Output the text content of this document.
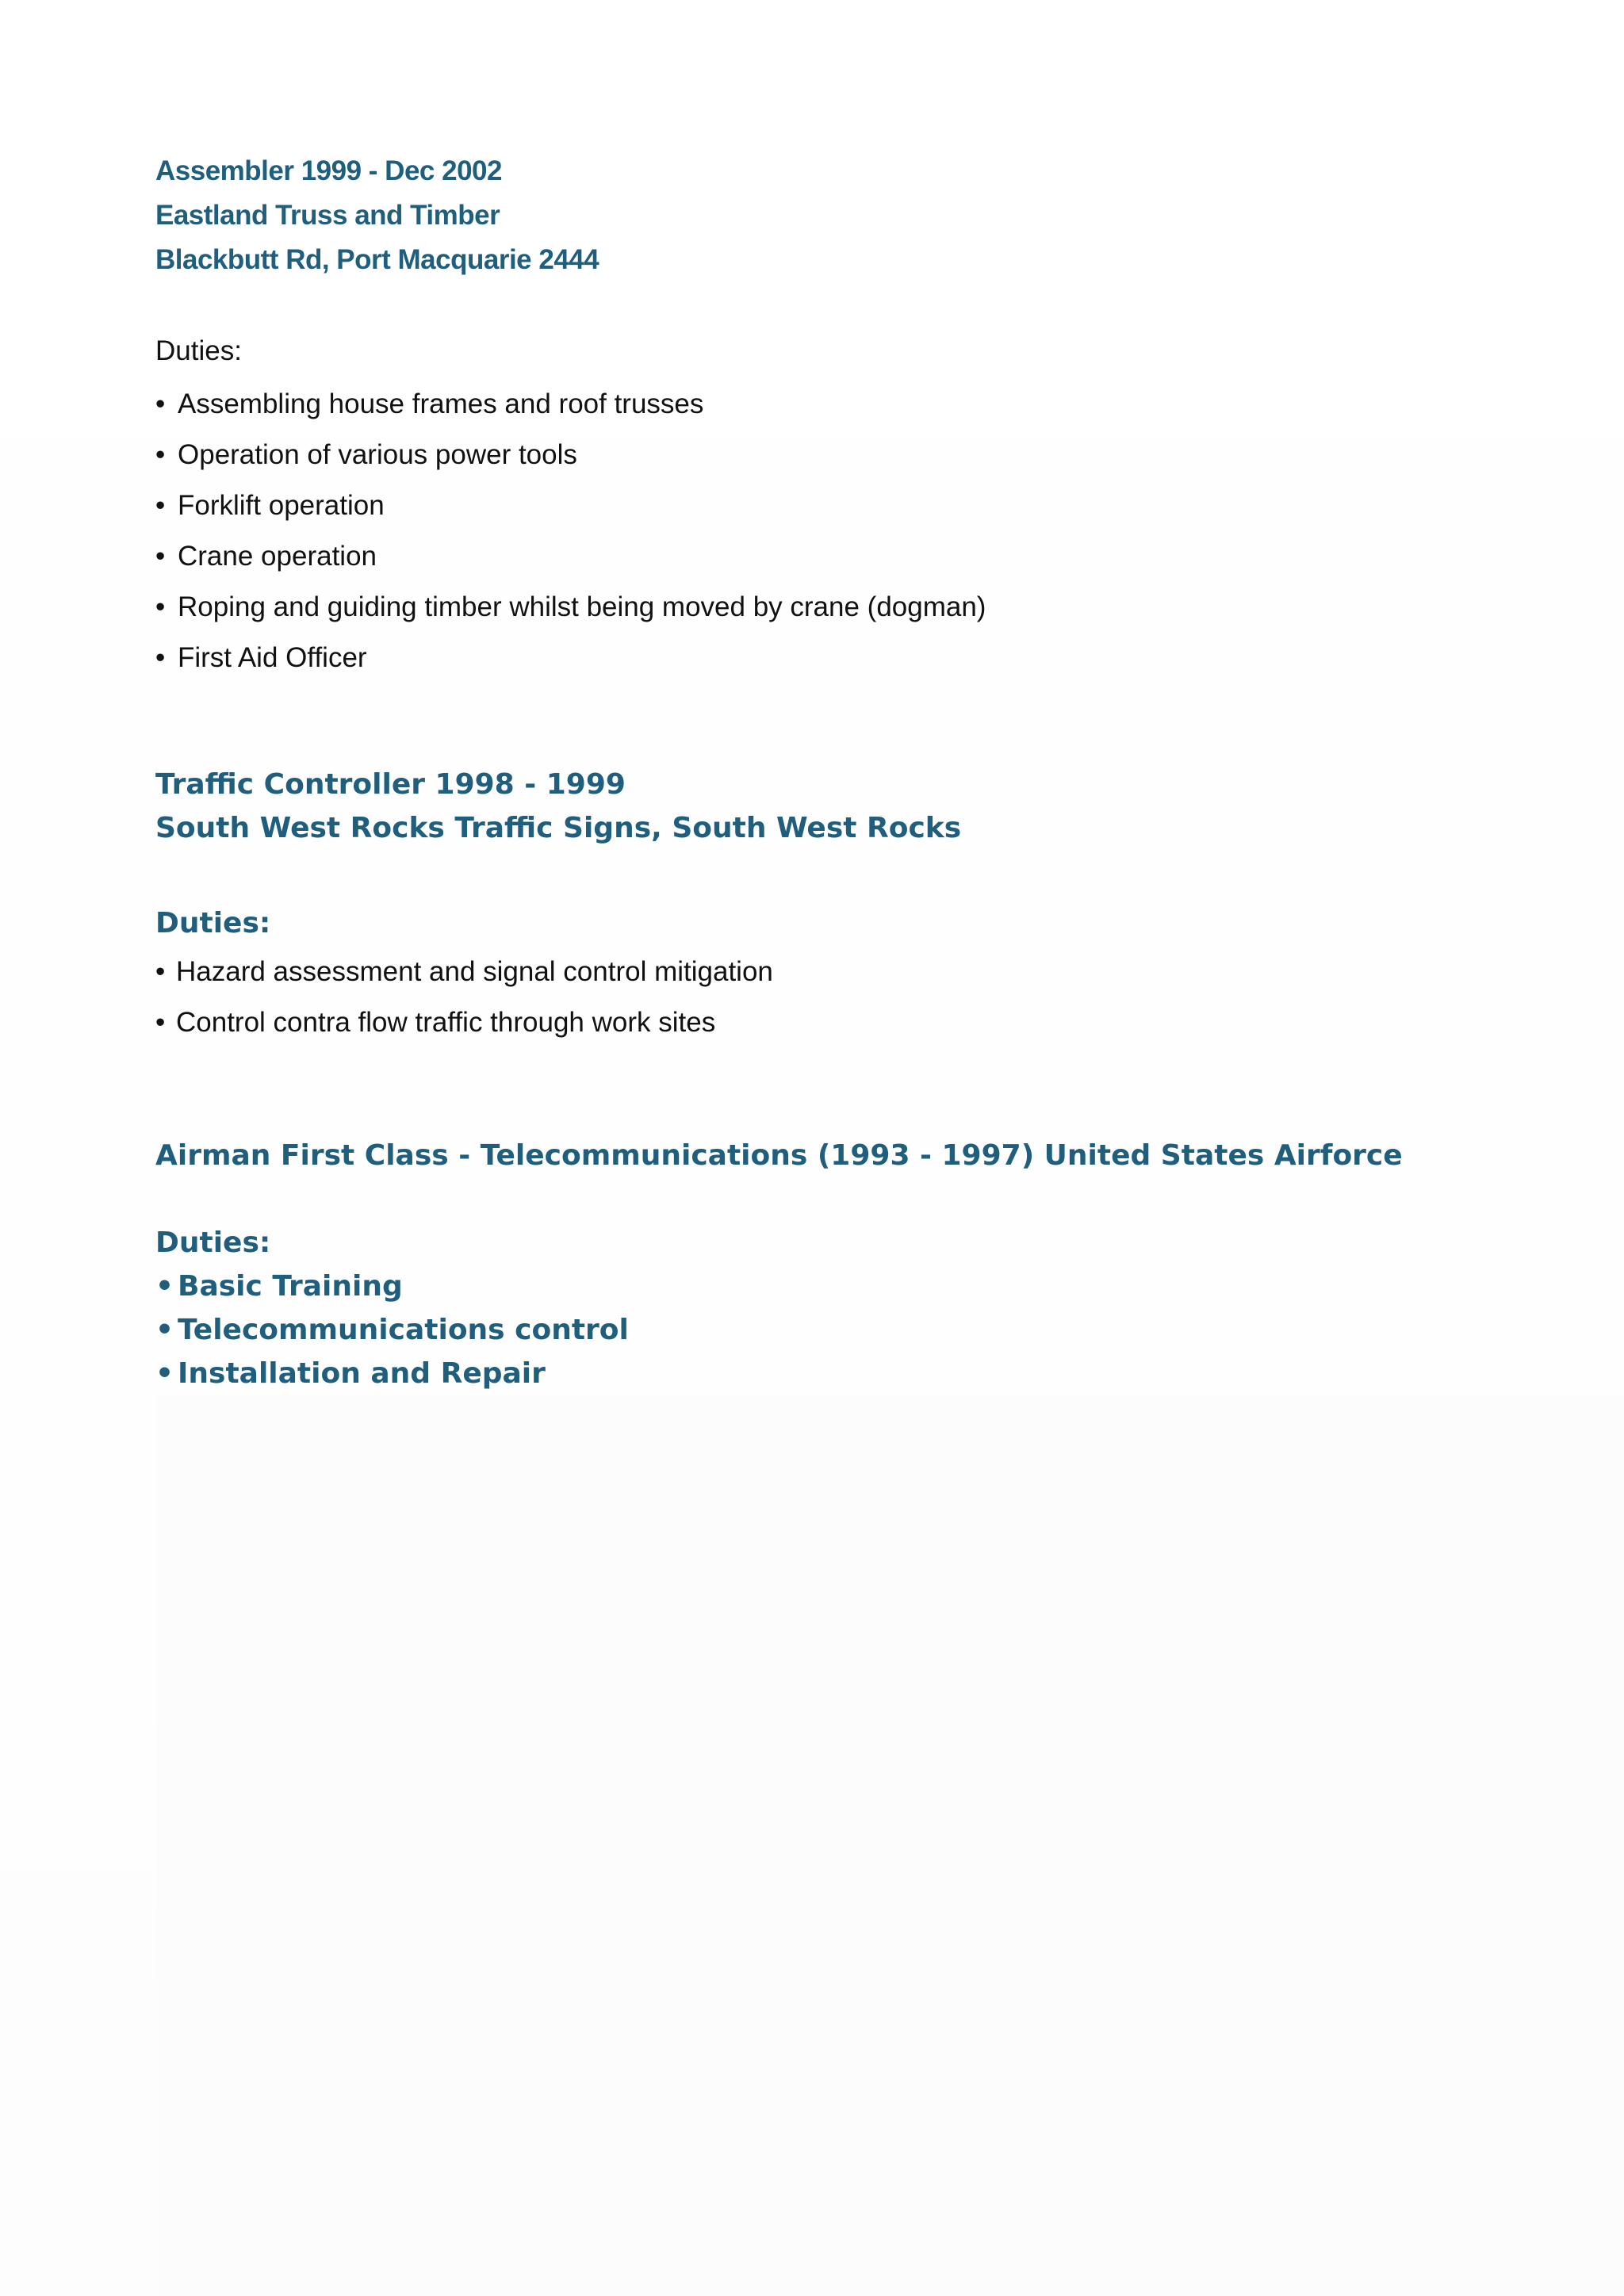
Assembler 1999 - Dec 2002

Eastland Truss and Timber

Blackbutt Rd, Port Macquarie 2444

Duties:

• Assembling house frames and roof trusses
• Operation of various power tools
• Forklift operation
• Crane operation
• Roping and guiding timber whilst being moved by crane (dogman)
• First Aid Officer

Traffic Controller 1998 - 1999

South West Rocks Traffic Signs, South West Rocks

Duties:

• Hazard assessment and signal control mitigation
• Control contra flow traffic through work sites

Airman First Class - Telecommunications (1993 - 1997) United States Airforce

Duties:

• Basic Training
• Telecommunications control
• Installation and Repair
